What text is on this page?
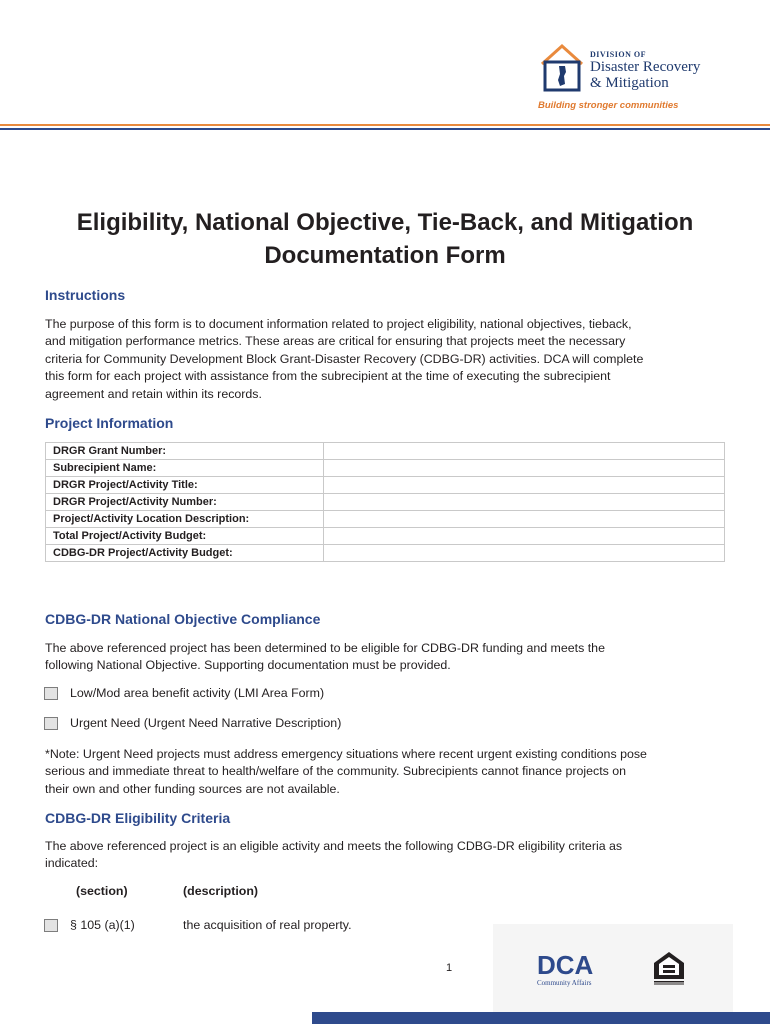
DIVISION OF
Disaster Recovery
& Mitigation
Building stronger communities
Eligibility, National Objective, Tie-Back, and Mitigation
Documentation Form
Instructions
The purpose of this form is to document information related to project eligibility, national objectives, tieback,
and mitigation performance metrics. These areas are critical for ensuring that projects meet the necessary
criteria for Community Development Block Grant-Disaster Recovery (CDBG-DR) activities. DCA will complete
this form for each project with assistance from the subrecipient at the time of executing the subrecipient
agreement and retain within its records.
Project Information
DRGR Grant Number:	
Subrecipient Name:	
DRGR Project/Activity Title:	
DRGR Project/Activity Number:	
Project/Activity Location Description:	
Total Project/Activity Budget:	
CDBG-DR Project/Activity Budget:	
CDBG-DR National Objective Compliance
The above referenced project has been determined to be eligible for CDBG-DR funding and meets the
following National Objective. Supporting documentation must be provided.
Low/Mod area benefit activity (LMI Area Form)
Urgent Need (Urgent Need Narrative Description)
*Note: Urgent Need projects must address emergency situations where recent urgent existing conditions pose
serious and immediate threat to health/welfare of the community. Subrecipients cannot finance projects on
their own and other funding sources are not available.
CDBG-DR Eligibility Criteria
The above referenced project is an eligible activity and meets the following CDBG-DR eligibility criteria as
indicated:
(section)	(description)
§ 105 (a)(1)	the acquisition of real property.
1	DCA
Community Affairs
